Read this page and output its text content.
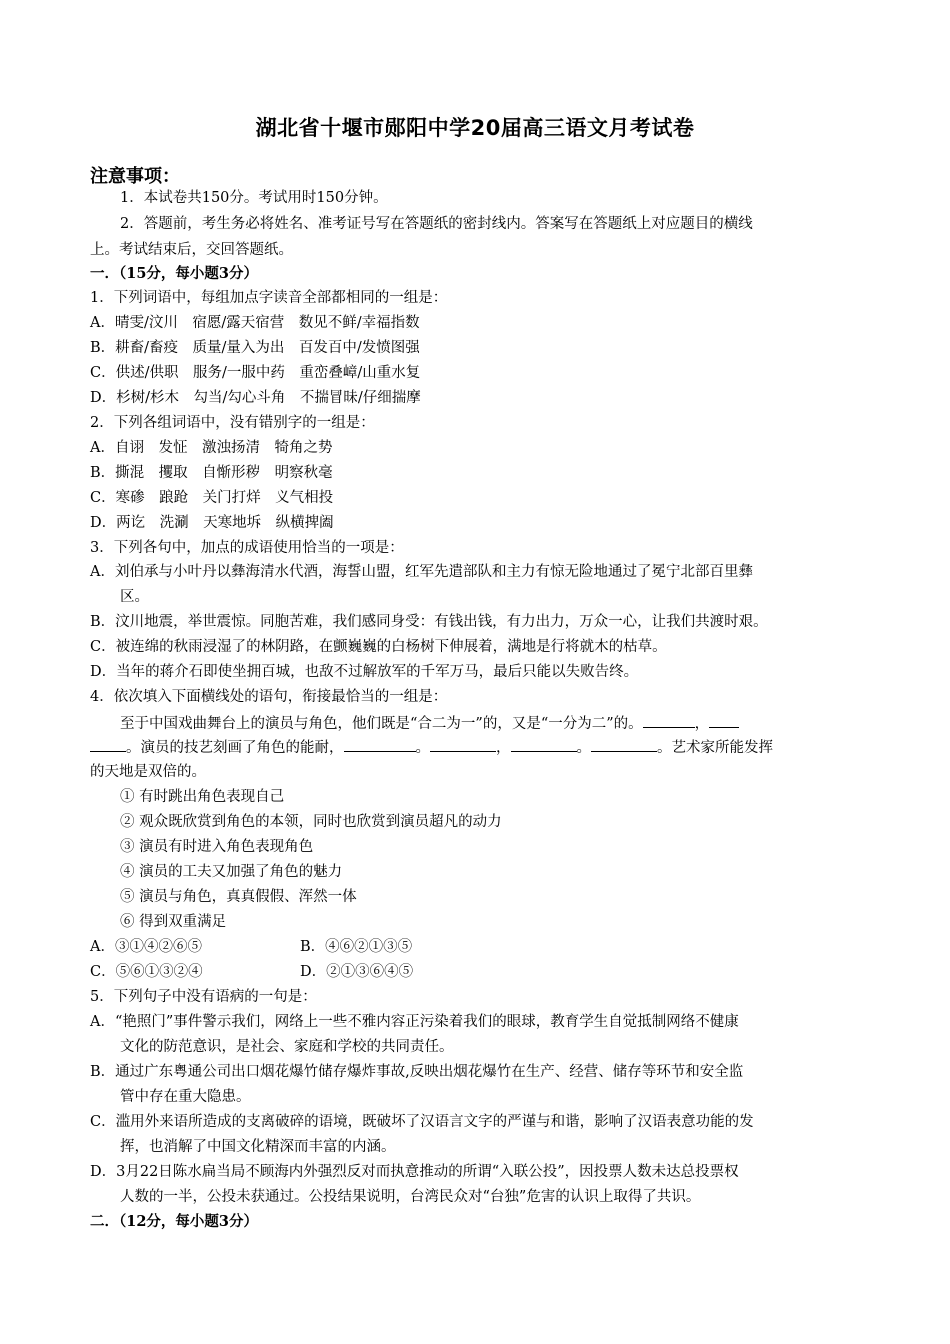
湖北省十堰市郧阳中学20届高三语文月考试卷
注意事项：
1．本试卷共150分。考试用时150分钟。
2．答题前，考生务必将姓名、准考证号写在答题纸的密封线内。答案写在答题纸上对应题目的横线
上。考试结束后，交回答题纸。
一．（15分，每小题3分）
1．下列词语中，每组加点字读音全部都相同的一组是：
A．晴雯/汶川　宿愿/露天宿营　数见不鲜/幸福指数
B．耕畜/畜疫　质量/量入为出　百发百中/发愤图强
C．供述/供职　服务/一服中药　重峦叠嶂/山重水复
D．杉树/杉木　勾当/勾心斗角　不揣冒昧/仔细揣摩
2．下列各组词语中，没有错别字的一组是：
A．自诩　发怔　激浊扬清　犄角之势
B．撕混　攫取　自惭形秽　明察秋毫
C．寒碜　踉跄　关门打烊　义气相投
D．两讫　洗涮　天寒地坼　纵横捭阖
3．下列各句中，加点的成语使用恰当的一项是：
A．刘伯承与小叶丹以彝海清水代酒，海誓山盟，红军先遣部队和主力有惊无险地通过了冕宁北部百里彝
区。
B．汶川地震，举世震惊。同胞苦难，我们感同身受：有钱出钱，有力出力，万众一心，让我们共渡时艰。
C．被连绵的秋雨浸湿了的林阴路，在颤巍巍的白杨树下伸展着，满地是行将就木的枯草。
D．当年的蒋介石即使坐拥百城，也敌不过解放军的千军万马，最后只能以失败告终。
4．依次填入下面横线处的语句，衔接最恰当的一组是：
至于中国戏曲舞台上的演员与角色，他们既是“合二为一”的，又是“一分为二”的。	，
。演员的技艺刻画了角色的能耐，	。	，	。	。艺术家所能发挥
的天地是双倍的。
① 有时跳出角色表现自己
② 观众既欣赏到角色的本领，同时也欣赏到演员超凡的动力
③ 演员有时进入角色表现角色
④ 演员的工夫又加强了角色的魅力
⑤ 演员与角色，真真假假、浑然一体
⑥ 得到双重满足
A．③①④②⑥⑤	B．④⑥②①③⑤
C．⑤⑥①③②④	D．②①③⑥④⑤
5．下列句子中没有语病的一句是：
A．“艳照门”事件警示我们，网络上一些不雅内容正污染着我们的眼球，教育学生自觉抵制网络不健康
文化的防范意识，是社会、家庭和学校的共同责任。
B．通过广东粤通公司出口烟花爆竹储存爆炸事故,反映出烟花爆竹在生产、经营、储存等环节和安全监
管中存在重大隐患。
C．滥用外来语所造成的支离破碎的语境，既破坏了汉语言文字的严谨与和谐，影响了汉语表意功能的发
挥，也消解了中国文化精深而丰富的内涵。
D．3月22日陈水扁当局不顾海内外强烈反对而执意推动的所谓“入联公投”，因投票人数未达总投票权
人数的一半，公投未获通过。公投结果说明，台湾民众对“台独”危害的认识上取得了共识。
二．（12分，每小题3分）
